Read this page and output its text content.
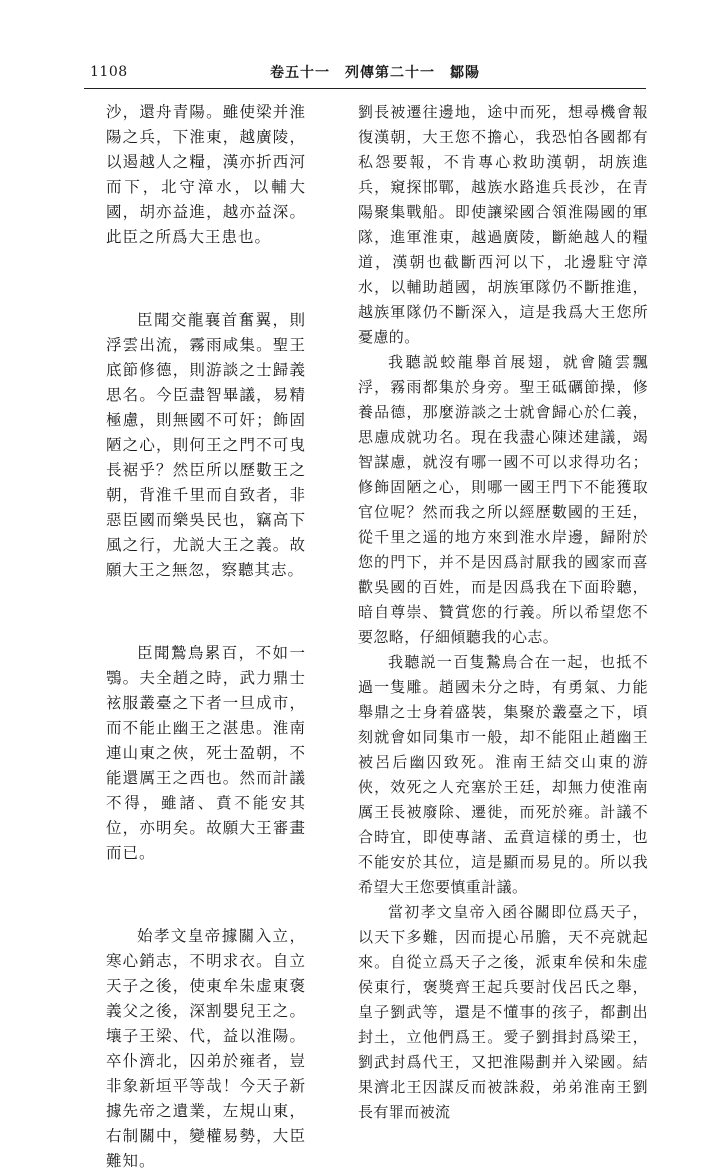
1108	卷五十一　列傳第二十一　鄒陽

沙，還舟青陽。雖使梁并淮陽之兵，下淮東，越廣陵，以遏越人之糧，漢亦折西河而下，北守漳水，以輔大國，胡亦益進，越亦益深。此臣之所爲大王患也。

臣聞交龍襄首奮翼，則浮雲出流，霧雨咸集。聖王底節修德，則游談之士歸義思名。今臣盡智畢議，易精極慮，則無國不可奸；飾固陋之心，則何王之門不可曳長裾乎？然臣所以歷數王之朝，背淮千里而自致者，非惡臣國而樂吳民也，竊高下風之行，尤説大王之義。故願大王之無忽，察聽其志。

臣聞鷙鳥累百，不如一鶚。夫全趙之時，武力鼎士袨服叢臺之下者一旦成市，而不能止幽王之湛患。淮南連山東之俠，死士盈朝，不能還厲王之西也。然而計議不得，雖諸、賁不能安其位，亦明矣。故願大王審畫而已。

始孝文皇帝據關入立，寒心銷志，不明求衣。自立天子之後，使東牟朱虚東褒義父之後，深割嬰兒王之。壤子王梁、代，益以淮陽。卒仆濟北，囚弟於雍者，豈非象新垣平等哉！今天子新據先帝之遺業，左規山東，右制關中，變權易勢，大臣難知。

劉長被遷往邊地，途中而死，想尋機會報復漢朝，大王您不擔心，我恐怕各國都有私怨要報，不肯專心救助漢朝，胡族進兵，窺探邯鄲，越族水路進兵長沙，在青陽聚集戰船。即使讓梁國合領淮陽國的軍隊，進軍淮東，越過廣陵，斷絶越人的糧道，漢朝也截斷西河以下，北邊駐守漳水，以輔助趙國，胡族軍隊仍不斷推進，越族軍隊仍不斷深入，這是我爲大王您所憂慮的。

我聽説蛟龍舉首展翅，就會隨雲飄浮，霧雨都集於身旁。聖王砥礪節操，修養品德，那麼游談之士就會歸心於仁義，思慮成就功名。現在我盡心陳述建議，竭智謀慮，就沒有哪一國不可以求得功名；修飾固陋之心，則哪一國王門下不能獲取官位呢？然而我之所以經歷數國的王廷，從千里之遥的地方來到淮水岸邊，歸附於您的門下，并不是因爲討厭我的國家而喜歡吳國的百姓，而是因爲我在下面聆聽，暗自尊崇、贊賞您的行義。所以希望您不要忽略，仔細傾聽我的心志。

我聽説一百隻鷙鳥合在一起，也抵不過一隻雕。趙國未分之時，有勇氣、力能舉鼎之士身着盛裝，集聚於叢臺之下，頃刻就會如同集市一般，却不能阻止趙幽王被呂后幽囚致死。淮南王結交山東的游俠，效死之人充塞於王廷，却無力使淮南厲王長被廢除、遷徙，而死於雍。計議不合時宜，即使專諸、孟賁這樣的勇士，也不能安於其位，這是顯而易見的。所以我希望大王您要慎重計議。

當初孝文皇帝入函谷關即位爲天子，以天下多難，因而提心吊膽，天不亮就起來。自從立爲天子之後，派東牟侯和朱虚侯東行，褒獎齊王起兵要討伐呂氏之舉，皇子劉武等，還是不懂事的孩子，都劃出封土，立他們爲王。愛子劉揖封爲梁王，劉武封爲代王，又把淮陽劃并入梁國。結果濟北王因謀反而被誅殺，弟弟淮南王劉長有罪而被流
